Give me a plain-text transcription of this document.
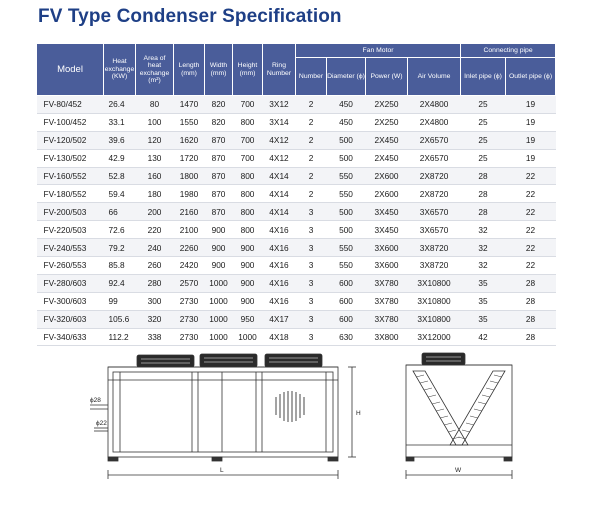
FV Type Condenser Specification
Model	Heat exchange (KW)	Area of heat exchange (m²)	Length (mm)	Width (mm)	Height (mm)	Ring Number	Fan Motor				Connecting pipe	
							Number	Diameter (ϕ)	Power (W)	Air Volume	Inlet pipe (ϕ)	Outlet pipe (ϕ)
FV-80/452	26.4	80	1470	820	700	3X12	2	450	2X250	2X4800	25	19
FV-100/452	33.1	100	1550	820	800	3X14	2	450	2X250	2X4800	25	19
FV-120/502	39.6	120	1620	870	700	4X12	2	500	2X450	2X6570	25	19
FV-130/502	42.9	130	1720	870	700	4X12	2	500	2X450	2X6570	25	19
FV-160/552	52.8	160	1800	870	800	4X14	2	550	2X600	2X8720	28	22
FV-180/552	59.4	180	1980	870	800	4X14	2	550	2X600	2X8720	28	22
FV-200/503	66	200	2160	870	800	4X14	3	500	3X450	3X6570	28	22
FV-220/503	72.6	220	2100	900	800	4X16	3	500	3X450	3X6570	32	22
FV-240/553	79.2	240	2260	900	900	4X16	3	550	3X600	3X8720	32	22
FV-260/553	85.8	260	2420	900	900	4X16	3	550	3X600	3X8720	32	22
FV-280/603	92.4	280	2570	1000	900	4X16	3	600	3X780	3X10800	35	28
FV-300/603	99	300	2730	1000	900	4X16	3	600	3X780	3X10800	35	28
FV-320/603	105.6	320	2730	1000	950	4X17	3	600	3X780	3X10800	35	28
FV-340/633	112.2	338	2730	1000	1000	4X18	3	630	3X800	3X12000	42	28
ϕ28
ϕ22
H
L	W
